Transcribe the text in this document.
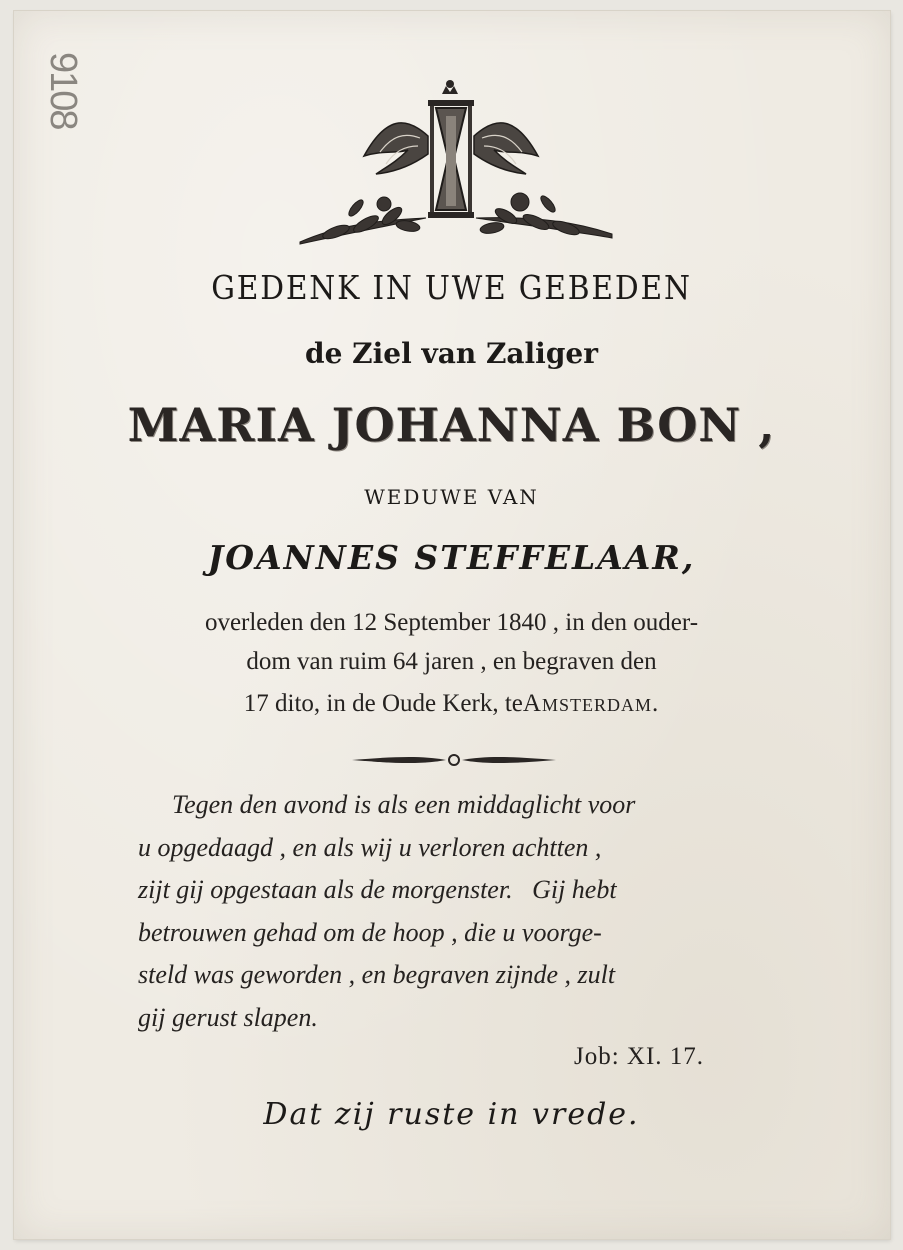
9108
GEDENK IN UWE GEBEDEN
de Ziel van Zaliger
MARIA JOHANNA BON ,
WEDUWE VAN
JOANNES STEFFELAAR,
overleden den 12 September 1840 , in den ouder-
dom van ruim 64 jaren , en begraven den
17 dito, in de Oude Kerk, teAmsterdam.
Tegen den avond is als een middaglicht voor
u opgedaagd , en als wij u verloren achtten ,
zijt gij opgestaan als de morgenster.   Gij hebt
betrouwen gehad om de hoop , die u voorge-
steld was geworden , en begraven zijnde , zult
gij gerust slapen.
Job: XI. 17.
Dat zij ruste in vrede.
